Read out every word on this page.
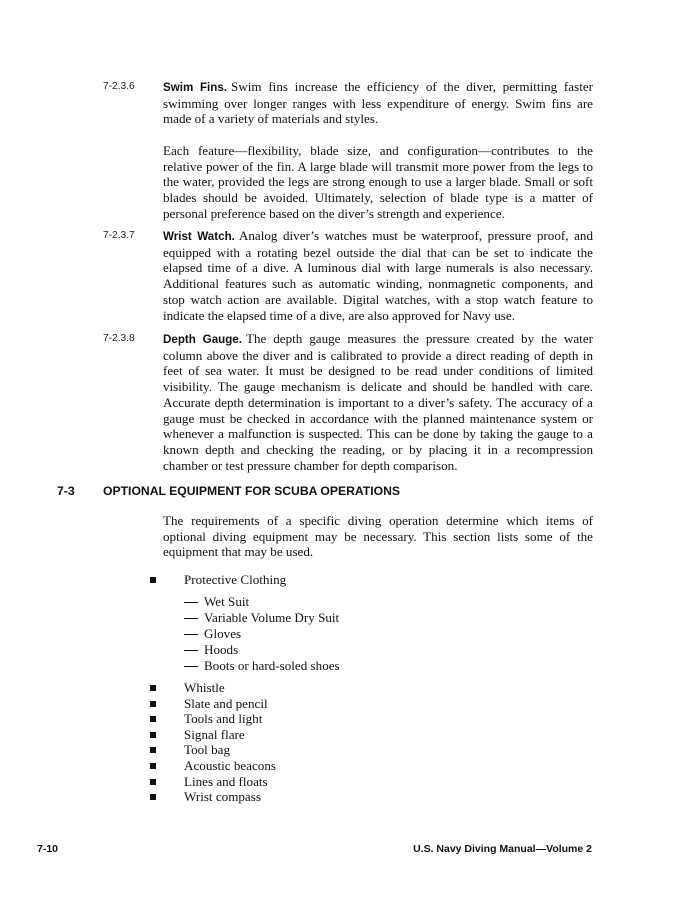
7-2.3.6 Swim Fins. Swim fins increase the efficiency of the diver, permitting faster swimming over longer ranges with less expenditure of energy. Swim fins are made of a variety of materials and styles.

Each feature—flexibility, blade size, and configuration—contributes to the relative power of the fin. A large blade will transmit more power from the legs to the water, provided the legs are strong enough to use a larger blade. Small or soft blades should be avoided. Ultimately, selection of blade type is a matter of personal preference based on the diver’s strength and experience.

7-2.3.7 Wrist Watch. Analog diver’s watches must be waterproof, pressure proof, and equipped with a rotating bezel outside the dial that can be set to indicate the elapsed time of a dive. A luminous dial with large numerals is also necessary. Additional features such as automatic winding, nonmagnetic components, and stop watch action are available. Digital watches, with a stop watch feature to indicate the elapsed time of a dive, are also approved for Navy use.

7-2.3.8 Depth Gauge. The depth gauge measures the pressure created by the water column above the diver and is calibrated to provide a direct reading of depth in feet of sea water. It must be designed to be read under conditions of limited visibility. The gauge mechanism is delicate and should be handled with care. Accurate depth determination is important to a diver’s safety. The accuracy of a gauge must be checked in accordance with the planned maintenance system or whenever a malfunction is suspected. This can be done by taking the gauge to a known depth and checking the reading, or by placing it in a recompression chamber or test pressure chamber for depth comparison.

7-3 OPTIONAL EQUIPMENT FOR SCUBA OPERATIONS

The requirements of a specific diving operation determine which items of optional diving equipment may be necessary. This section lists some of the equipment that may be used.

Protective Clothing
Wet Suit
Variable Volume Dry Suit
Gloves
Hoods
Boots or hard-soled shoes
Whistle
Slate and pencil
Tools and light
Signal flare
Tool bag
Acoustic beacons
Lines and floats
Wrist compass
7-10	U.S. Navy Diving Manual—Volume 2
